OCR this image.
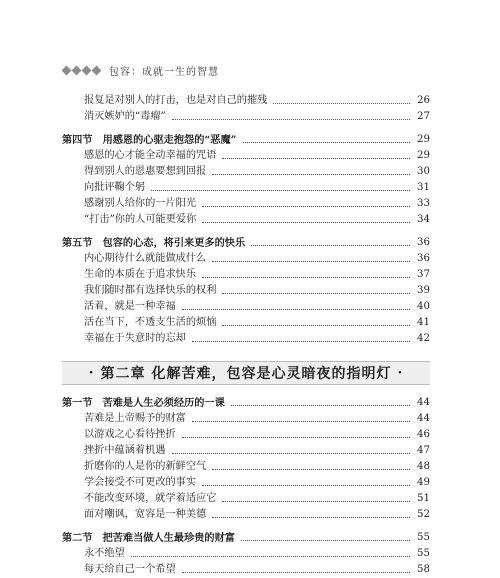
包容：成就一生的智慧
报复是对别人的打击，也是对自己的摧残	26
消灭嫉妒的“毒瘤”	27
第四节 用感恩的心驱走抱怨的“恶魔”	29
感恩的心才能全动幸福的咒语	29
得到别人的恩惠要想到回报	30
向批评鞠个躬	31
感谢别人给你的一片阳光	33
“打击”你的人可能更爱你	34
第五节 包容的心态，将引来更多的快乐	36
内心期待什么就能做成什么	36
生命的本质在于追求快乐	37
我们随时都有选择快乐的权利	39
活着，就是一种幸福	40
活在当下，不透支生活的烦恼	41
幸福在于失意时的忘却	42
· 第二章 化解苦难，包容是心灵暗夜的指明灯 ·
第一节 苦难是人生必须经历的一课	44
苦难是上帝赐予的财富	44
以游戏之心看待挫折	46
挫折中蕴涵着机遇	47
折磨你的人是你的新鲜空气	48
学会接受不可更改的事实	49
不能改变环境，就学着适应它	51
面对嘲讽，宽容是一种美德	52
第二节 把苦难当做人生最珍贵的财富	55
永不绝望	55
每天给自己一个希望	58
